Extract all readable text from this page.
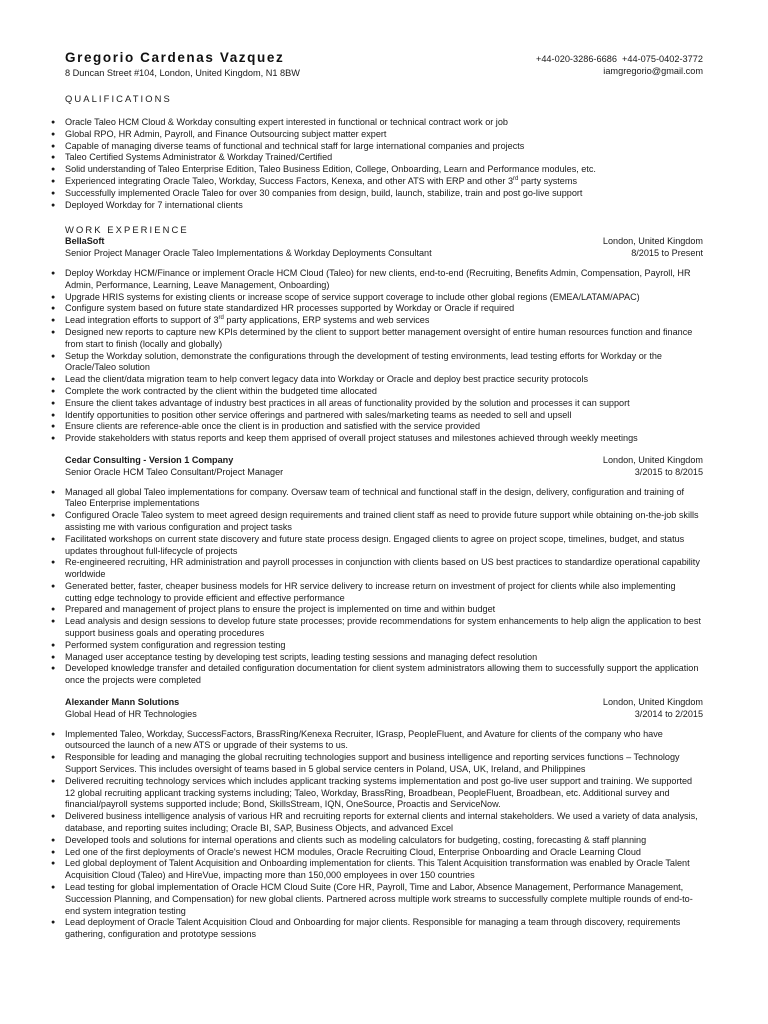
Gregorio Cardenas Vazquez
8 Duncan Street #104, London, United Kingdom, N1 8BW
+44-020-3286-6686  +44-075-0402-3772
iamgregorio@gmail.com
QUALIFICATIONS
● Oracle Taleo HCM Cloud & Workday consulting expert interested in functional or technical contract work or job
● Global RPO, HR Admin, Payroll, and Finance Outsourcing subject matter expert
● Capable of managing diverse teams of functional and technical staff for large international companies and projects
● Taleo Certified Systems Administrator & Workday Trained/Certified
● Solid understanding of Taleo Enterprise Edition, Taleo Business Edition, College, Onboarding, Learn and Performance modules, etc.
● Experienced integrating Oracle Taleo, Workday, Success Factors, Kenexa, and other ATS with ERP and other 3rd party systems
● Successfully implemented Oracle Taleo for over 30 companies from design, build, launch, stabilize, train and post go-live support
● Deployed Workday for 7 international clients
WORK EXPERIENCE
BellaSoft	London, United Kingdom
Senior Project Manager Oracle Taleo Implementations & Workday Deployments Consultant	8/2015 to Present
● Deploy Workday HCM/Finance or implement Oracle HCM Cloud (Taleo) for new clients, end-to-end (Recruiting, Benefits Admin, Compensation, Payroll, HR Admin, Performance, Learning, Leave Management, Onboarding)
● Upgrade HRIS systems for existing clients or increase scope of service support coverage to include other global regions (EMEA/LATAM/APAC)
● Configure system based on future state standardized HR processes supported by Workday or Oracle if required
● Lead integration efforts to support of 3rd party applications, ERP systems and web services
● Designed new reports to capture new KPIs determined by the client to support better management oversight of entire human resources function and finance from start to finish (locally and globally)
● Setup the Workday solution, demonstrate the configurations through the development of testing environments, lead testing efforts for Workday or the Oracle/Taleo solution
● Lead the client/data migration team to help convert legacy data into Workday or Oracle and deploy best practice security protocols
● Complete the work contracted by the client within the budgeted time allocated
● Ensure the client takes advantage of industry best practices in all areas of functionality provided by the solution and processes it can support
● Identify opportunities to position other service offerings and partnered with sales/marketing teams as needed to sell and upsell
● Ensure clients are reference-able once the client is in production and satisfied with the service provided
● Provide stakeholders with status reports and keep them apprised of overall project statuses and milestones achieved through weekly meetings
Cedar Consulting - Version 1 Company	London, United Kingdom
Senior Oracle HCM Taleo Consultant/Project Manager	3/2015 to 8/2015
● Managed all global Taleo implementations for company. Oversaw team of technical and functional staff in the design, delivery, configuration and training of Taleo Enterprise implementations
● Configured Oracle Taleo system to meet agreed design requirements and trained client staff as need to provide future support while obtaining on-the-job skills assisting me with various configuration and project tasks
● Facilitated workshops on current state discovery and future state process design. Engaged clients to agree on project scope, timelines, budget, and status updates throughout full-lifecycle of projects
● Re-engineered recruiting, HR administration and payroll processes in conjunction with clients based on US best practices to standardize operational capability worldwide
● Generated better, faster, cheaper business models for HR service delivery to increase return on investment of project for clients while also implementing cutting edge technology to provide efficient and effective performance
● Prepared and management of project plans to ensure the project is implemented on time and within budget
● Lead analysis and design sessions to develop future state processes; provide recommendations for system enhancements to help align the application to best support business goals and operating procedures
● Performed system configuration and regression testing
● Managed user acceptance testing by developing test scripts, leading testing sessions and managing defect resolution
● Developed knowledge transfer and detailed configuration documentation for client system administrators allowing them to successfully support the application once the projects were completed
Alexander Mann Solutions	London, United Kingdom
Global Head of HR Technologies	3/2014 to 2/2015
● Implemented Taleo, Workday, SuccessFactors, BrassRing/Kenexa Recruiter, IGrasp, PeopleFluent, and Avature for clients of the company who have outsourced the launch of a new ATS or upgrade of their systems to us.
● Responsible for leading and managing the global recruiting technologies support and business intelligence and reporting services functions – Technology Support Services. This includes oversight of teams based in 5 global service centers in Poland, USA, UK, Ireland, and Philippines
● Delivered recruiting technology services which includes applicant tracking systems implementation and post go-live user support and training. We supported 12 global recruiting applicant tracking systems including; Taleo, Workday, BrassRing, Broadbean, PeopleFluent, Broadbean, etc. Additional survey and financial/payroll systems supported include; Bond, SkillsStream, IQN, OneSource, Proactis and ServiceNow.
● Delivered business intelligence analysis of various HR and recruiting reports for external clients and internal stakeholders. We used a variety of data analysis, database, and reporting suites including; Oracle BI, SAP, Business Objects, and advanced Excel
● Developed tools and solutions for internal operations and clients such as modeling calculators for budgeting, costing, forecasting & staff planning
● Led one of the first deployments of Oracle's newest HCM modules, Oracle Recruiting Cloud, Enterprise Onboarding and Oracle Learning Cloud
● Led global deployment of Talent Acquisition and Onboarding implementation for clients. This Talent Acquisition transformation was enabled by Oracle Talent Acquisition Cloud (Taleo) and HireVue, impacting more than 150,000 employees in over 150 countries
● Lead testing for global implementation of Oracle HCM Cloud Suite (Core HR, Payroll, Time and Labor, Absence Management, Performance Management, Succession Planning, and Compensation) for new global clients. Partnered across multiple work streams to successfully complete multiple rounds of end-to-end system integration testing
● Lead deployment of Oracle Talent Acquisition Cloud and Onboarding for major clients. Responsible for managing a team through discovery, requirements gathering, configuration and prototype sessions
